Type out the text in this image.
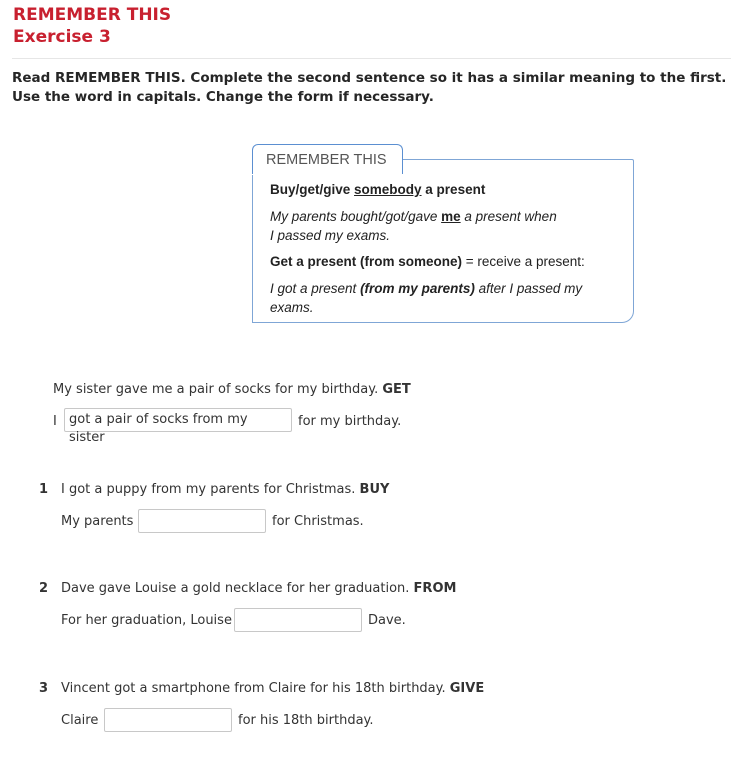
REMEMBER THIS
Exercise 3
Read REMEMBER THIS. Complete the second sentence so it has a similar meaning to the first.
Use the word in capitals. Change the form if necessary.
REMEMBER THIS
Buy/get/give somebody a present
My parents bought/got/gave me a present when
I passed my exams.
Get a present (from someone) = receive a present:
I got a present (from my parents) after I passed my
exams.
My sister gave me a pair of socks for my birthday. GET
I got a pair of socks from my sister
for my birthday.
1 I got a puppy from my parents for Christmas. BUY
My parents	for Christmas.
2 Dave gave Louise a gold necklace for her graduation. FROM
For her graduation, Louise	Dave.
3 Vincent got a smartphone from Claire for his 18th birthday. GIVE
Claire	for his 18th birthday.
